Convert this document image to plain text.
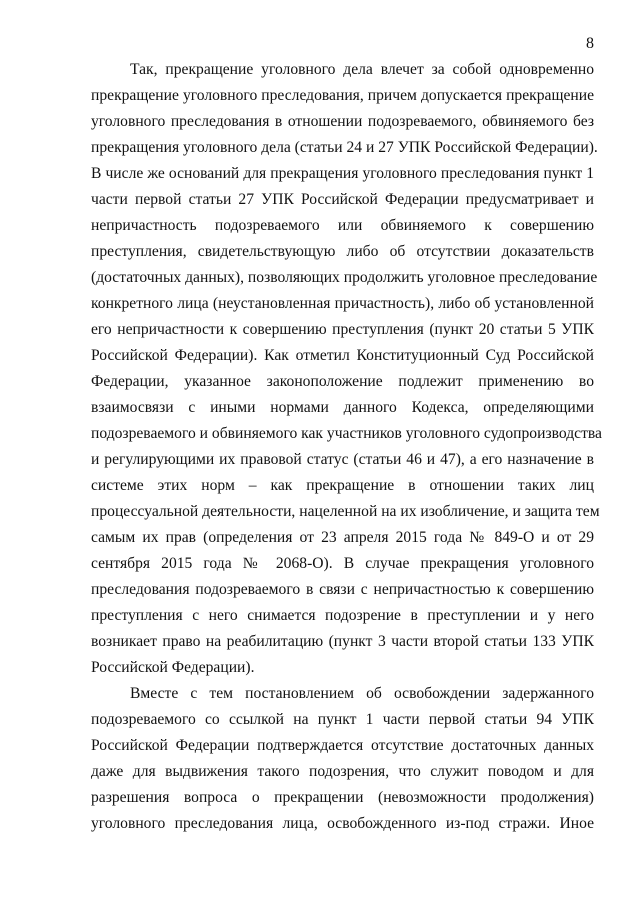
8
Так, прекращение уголовного дела влечет за собой одновременно
прекращение уголовного преследования, причем допускается прекращение
уголовного преследования в отношении подозреваемого, обвиняемого без
прекращения уголовного дела (статьи 24 и 27 УПК Российской Федерации).
В числе же оснований для прекращения уголовного преследования пункт 1
части первой статьи 27 УПК Российской Федерации предусматривает и
непричастность подозреваемого или обвиняемого к совершению
преступления, свидетельствующую либо об отсутствии доказательств
(достаточных данных), позволяющих продолжить уголовное преследование
конкретного лица (неустановленная причастность), либо об установленной
его непричастности к совершению преступления (пункт 20 статьи 5 УПК
Российской Федерации). Как отметил Конституционный Суд Российской
Федерации, указанное законоположение подлежит применению во
взаимосвязи с иными нормами данного Кодекса, определяющими
подозреваемого и обвиняемого как участников уголовного судопроизводства
и регулирующими их правовой статус (статьи 46 и 47), а его назначение в
системе этих норм – как прекращение в отношении таких лиц
процессуальной деятельности, нацеленной на их изобличение, и защита тем
самым их прав (определения от 23 апреля 2015 года № 849-О и от 29
сентября 2015 года № 2068-О). В случае прекращения уголовного
преследования подозреваемого в связи с непричастностью к совершению
преступления с него снимается подозрение в преступлении и у него
возникает право на реабилитацию (пункт 3 части второй статьи 133 УПК
Российской Федерации).
Вместе с тем постановлением об освобождении задержанного
подозреваемого со ссылкой на пункт 1 части первой статьи 94 УПК
Российской Федерации подтверждается отсутствие достаточных данных
даже для выдвижения такого подозрения, что служит поводом и для
разрешения вопроса о прекращении (невозможности продолжения)
уголовного преследования лица, освобожденного из-под стражи. Иное
